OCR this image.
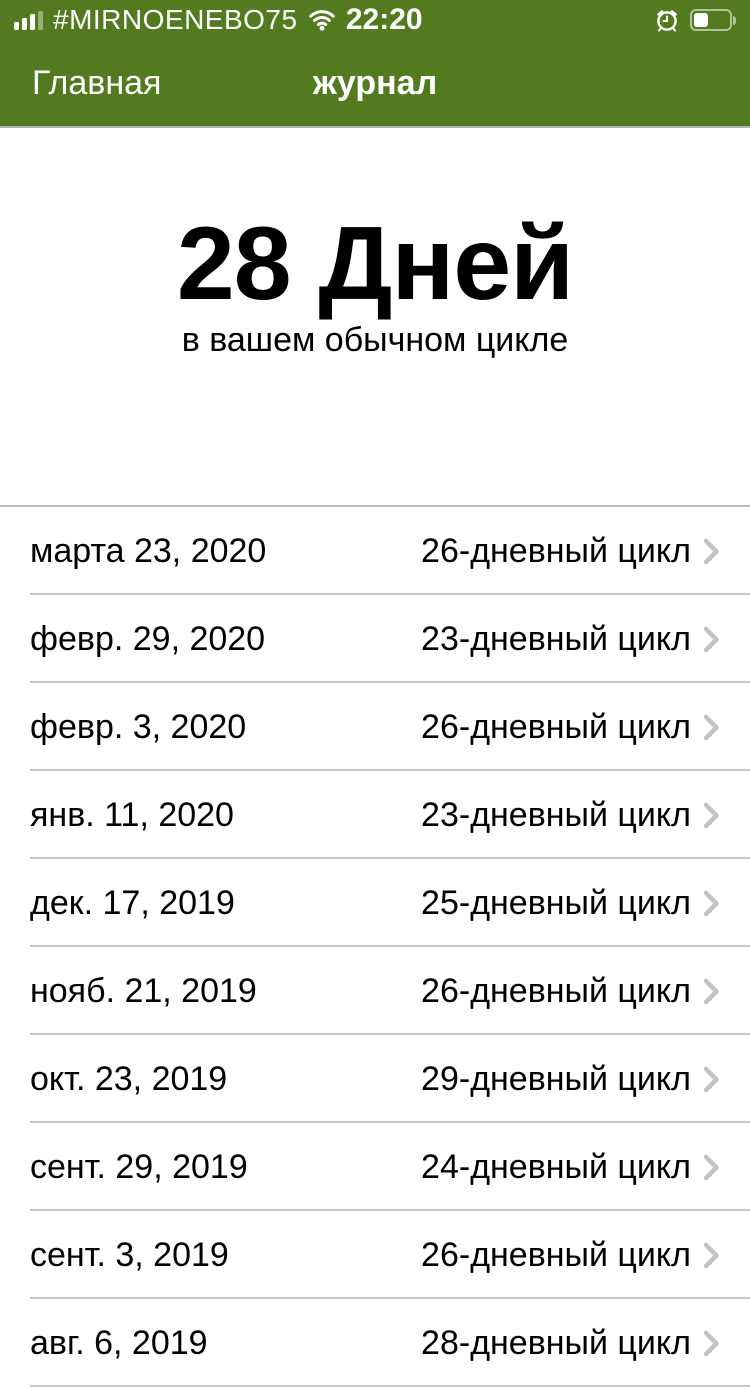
#MIRNOENEBO75 22:20
Главная	журнал
28 Дней
в вашем обычном цикле
марта 23, 2020	26-дневный цикл
февр. 29, 2020	23-дневный цикл
февр. 3, 2020	26-дневный цикл
янв. 11, 2020	23-дневный цикл
дек. 17, 2019	25-дневный цикл
нояб. 21, 2019	26-дневный цикл
окт. 23, 2019	29-дневный цикл
сент. 29, 2019	24-дневный цикл
сент. 3, 2019	26-дневный цикл
авг. 6, 2019	28-дневный цикл
